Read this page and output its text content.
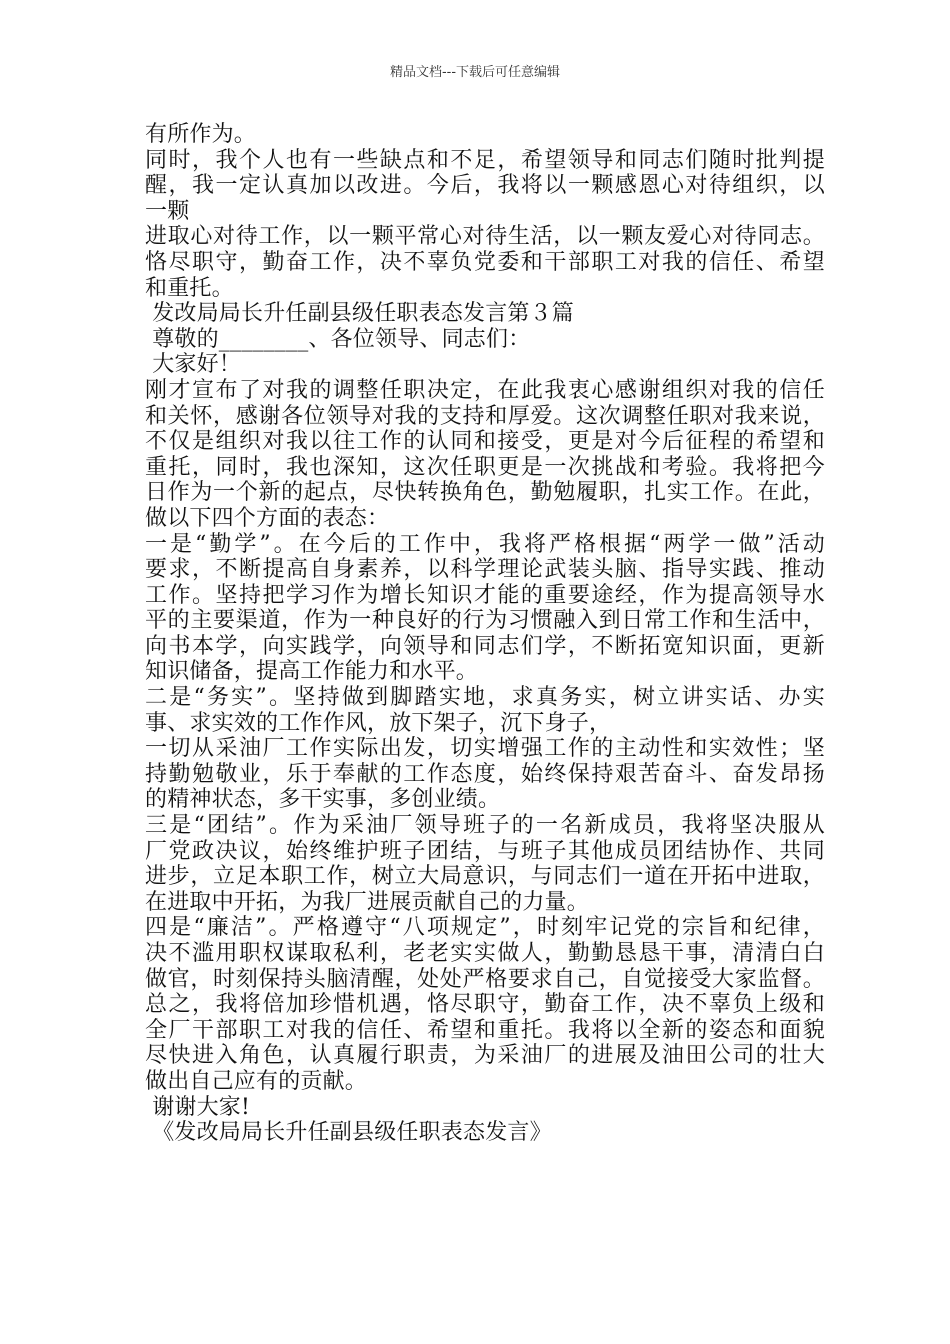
精品文档---下载后可任意编辑
有所作为。
同时，我个人也有一些缺点和不足，希望领导和同志们随时批判提
醒，我一定认真加以改进。今后，我将以一颗感恩心对待组织，以
一颗
进取心对待工作，以一颗平常心对待生活，以一颗友爱心对待同志。
恪尽职守，勤奋工作，决不辜负党委和干部职工对我的信任、希望
和重托。
发改局局长升任副县级任职表态发言第３篇
尊敬的________、各位领导、同志们：
大家好！
刚才宣布了对我的调整任职决定，在此我衷心感谢组织对我的信任
和关怀，感谢各位领导对我的支持和厚爱。这次调整任职对我来说，
不仅是组织对我以往工作的认同和接受，更是对今后征程的希望和
重托，同时，我也深知，这次任职更是一次挑战和考验。我将把今
日作为一个新的起点，尽快转换角色，勤勉履职，扎实工作。在此，
做以下四个方面的表态：
一是“勤学”。在今后的工作中，我将严格根据“两学一做”活动
要求，不断提高自身素养，以科学理论武装头脑、指导实践、推动
工作。坚持把学习作为增长知识才能的重要途经，作为提高领导水
平的主要渠道，作为一种良好的行为习惯融入到日常工作和生活中，
向书本学，向实践学，向领导和同志们学，不断拓宽知识面，更新
知识储备，提高工作能力和水平。
二是“务实”。坚持做到脚踏实地，求真务实，树立讲实话、办实
事、求实效的工作作风，放下架子，沉下身子，
一切从采油厂工作实际出发，切实增强工作的主动性和实效性；坚
持勤勉敬业，乐于奉献的工作态度，始终保持艰苦奋斗、奋发昂扬
的精神状态，多干实事，多创业绩。
三是“团结”。作为采油厂领导班子的一名新成员，我将坚决服从
厂党政决议，始终维护班子团结，与班子其他成员团结协作、共同
进步，立足本职工作，树立大局意识，与同志们一道在开拓中进取，
在进取中开拓，为我厂进展贡献自己的力量。
四是“廉洁”。严格遵守“八项规定”，时刻牢记党的宗旨和纪律，
决不滥用职权谋取私利，老老实实做人，勤勤恳恳干事，清清白白
做官，时刻保持头脑清醒，处处严格要求自己，自觉接受大家监督。
总之，我将倍加珍惜机遇，恪尽职守，勤奋工作，决不辜负上级和
全厂干部职工对我的信任、希望和重托。我将以全新的姿态和面貌
尽快进入角色，认真履行职责，为采油厂的进展及油田公司的壮大
做出自己应有的贡献。
谢谢大家!
《发改局局长升任副县级任职表态发言》
